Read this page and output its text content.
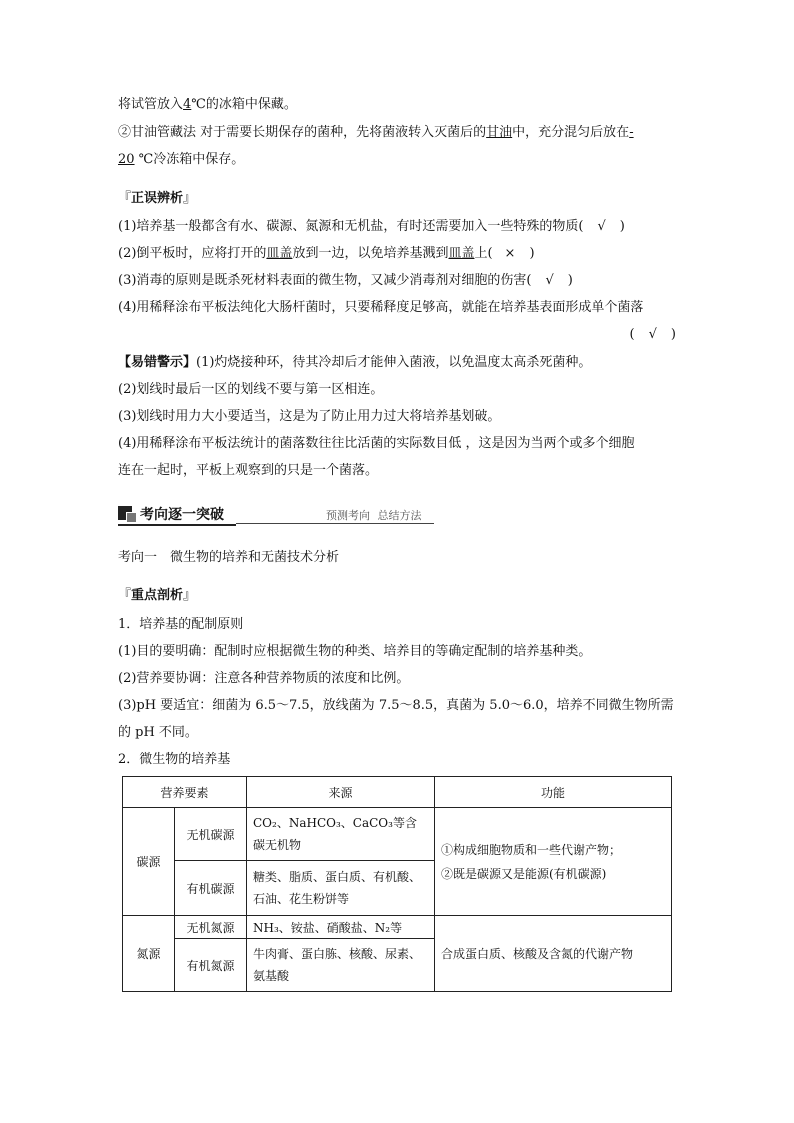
将试管放入4℃的冰箱中保藏。
②甘油管藏法 对于需要长期保存的菌种，先将菌液转入灭菌后的甘油中，充分混匀后放在-
20 ℃冷冻箱中保存。
『正误辨析』
(1)培养基一般都含有水、碳源、氮源和无机盐，有时还需要加入一些特殊的物质( √ )
(2)倒平板时，应将打开的皿盖放到一边，以免培养基溅到皿盖上( × )
(3)消毒的原则是既杀死材料表面的微生物，又减少消毒剂对细胞的伤害( √ )
(4)用稀释涂布平板法纯化大肠杆菌时，只要稀释度足够高，就能在培养基表面形成单个菌落
( √ )
【易错警示】(1)灼烧接种环，待其冷却后才能伸入菌液，以免温度太高杀死菌种。
(2)划线时最后一区的划线不要与第一区相连。
(3)划线时用力大小要适当，这是为了防止用力过大将培养基划破。
(4)用稀释涂布平板法统计的菌落数往往比活菌的实际数目低 ，这是因为当两个或多个细胞
连在一起时，平板上观察到的只是一个菌落。
考向逐一突破	预测考向 总结方法
考向一　微生物的培养和无菌技术分析
『重点剖析』
1．培养基的配制原则
(1)目的要明确：配制时应根据微生物的种类、培养目的等确定配制的培养基种类。
(2)营养要协调：注意各种营养物质的浓度和比例。
(3)pH 要适宜：细菌为 6.5～7.5，放线菌为 7.5～8.5，真菌为 5.0～6.0，培养不同微生物所需
的 pH 不同。
2．微生物的培养基
营养要素		来源	功能
碳源	无机碳源	CO₂、NaHCO₃、CaCO₃等含碳无机物	①构成细胞物质和一些代谢产物；
②既是碳源又是能源(有机碳源)

	有机碳源	糖类、脂质、蛋白质、有机酸、石油、花生粉饼等	
氮源	无机氮源	NH₃、铵盐、硝酸盐、N₂等	合成蛋白质、核酸及含氮的代谢产物
	有机氮源	牛肉膏、蛋白胨、核酸、尿素、氨基酸	
